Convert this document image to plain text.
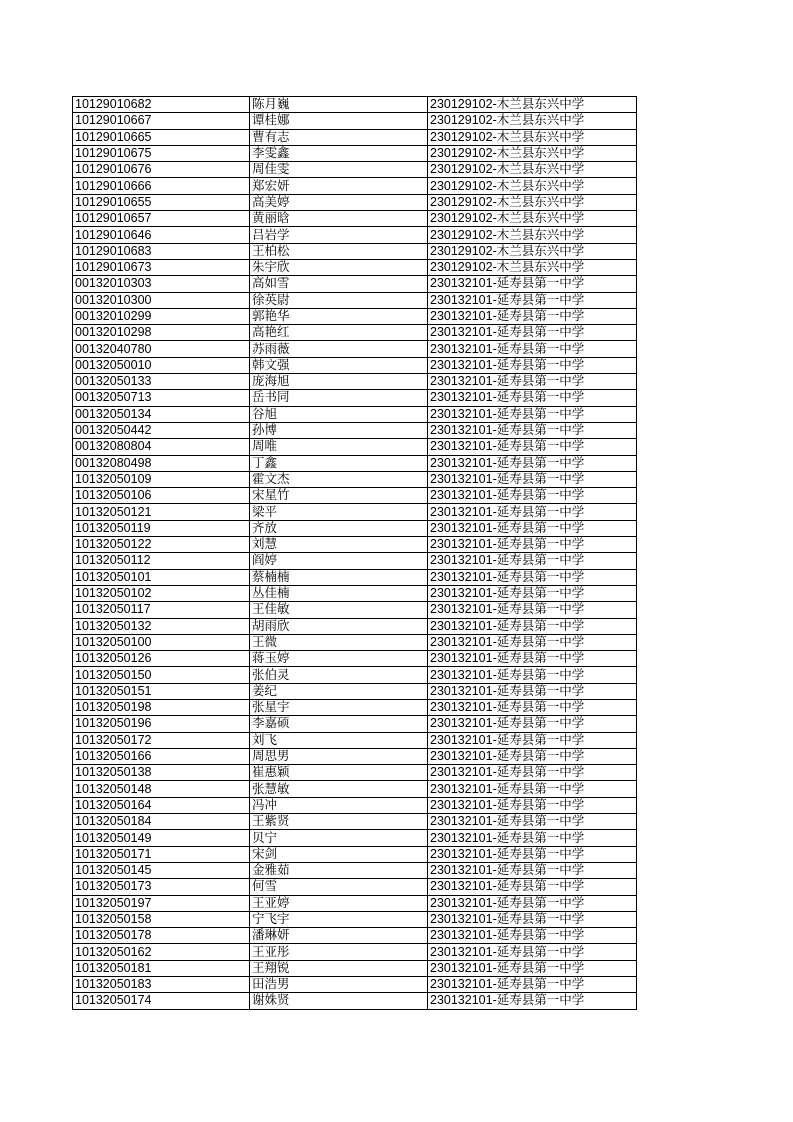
10129010682	陈月巍	230129102-木兰县东兴中学
10129010667	谭桂娜	230129102-木兰县东兴中学
10129010665	曹有志	230129102-木兰县东兴中学
10129010675	李雯鑫	230129102-木兰县东兴中学
10129010676	周佳雯	230129102-木兰县东兴中学
10129010666	郑宏妍	230129102-木兰县东兴中学
10129010655	高美婷	230129102-木兰县东兴中学
10129010657	黄丽晗	230129102-木兰县东兴中学
10129010646	吕岩学	230129102-木兰县东兴中学
10129010683	王柏松	230129102-木兰县东兴中学
10129010673	朱宇欣	230129102-木兰县东兴中学
00132010303	高如雪	230132101-延寿县第一中学
00132010300	徐英尉	230132101-延寿县第一中学
00132010299	郭艳华	230132101-延寿县第一中学
00132010298	高艳红	230132101-延寿县第一中学
00132040780	苏雨薇	230132101-延寿县第一中学
00132050010	韩文强	230132101-延寿县第一中学
00132050133	庞海旭	230132101-延寿县第一中学
00132050713	岳书同	230132101-延寿县第一中学
00132050134	谷旭	230132101-延寿县第一中学
00132050442	孙博	230132101-延寿县第一中学
00132080804	周唯	230132101-延寿县第一中学
00132080498	丁鑫	230132101-延寿县第一中学
10132050109	霍文杰	230132101-延寿县第一中学
10132050106	宋星竹	230132101-延寿县第一中学
10132050121	梁平	230132101-延寿县第一中学
10132050119	齐放	230132101-延寿县第一中学
10132050122	刘慧	230132101-延寿县第一中学
10132050112	阎婷	230132101-延寿县第一中学
10132050101	蔡楠楠	230132101-延寿县第一中学
10132050102	丛佳楠	230132101-延寿县第一中学
10132050117	王佳敏	230132101-延寿县第一中学
10132050132	胡雨欣	230132101-延寿县第一中学
10132050100	王微	230132101-延寿县第一中学
10132050126	蒋玉婷	230132101-延寿县第一中学
10132050150	张伯灵	230132101-延寿县第一中学
10132050151	姜纪	230132101-延寿县第一中学
10132050198	张星宇	230132101-延寿县第一中学
10132050196	李嘉硕	230132101-延寿县第一中学
10132050172	刘飞	230132101-延寿县第一中学
10132050166	周思男	230132101-延寿县第一中学
10132050138	崔惠颖	230132101-延寿县第一中学
10132050148	张慧敏	230132101-延寿县第一中学
10132050164	冯冲	230132101-延寿县第一中学
10132050184	王紫贤	230132101-延寿县第一中学
10132050149	贝宁	230132101-延寿县第一中学
10132050171	宋剑	230132101-延寿县第一中学
10132050145	金雅茹	230132101-延寿县第一中学
10132050173	何雪	230132101-延寿县第一中学
10132050197	王亚婷	230132101-延寿县第一中学
10132050158	宁飞宇	230132101-延寿县第一中学
10132050178	潘琳妍	230132101-延寿县第一中学
10132050162	王亚彤	230132101-延寿县第一中学
10132050181	王翔锐	230132101-延寿县第一中学
10132050183	田浩男	230132101-延寿县第一中学
10132050174	谢姝贤	230132101-延寿县第一中学
